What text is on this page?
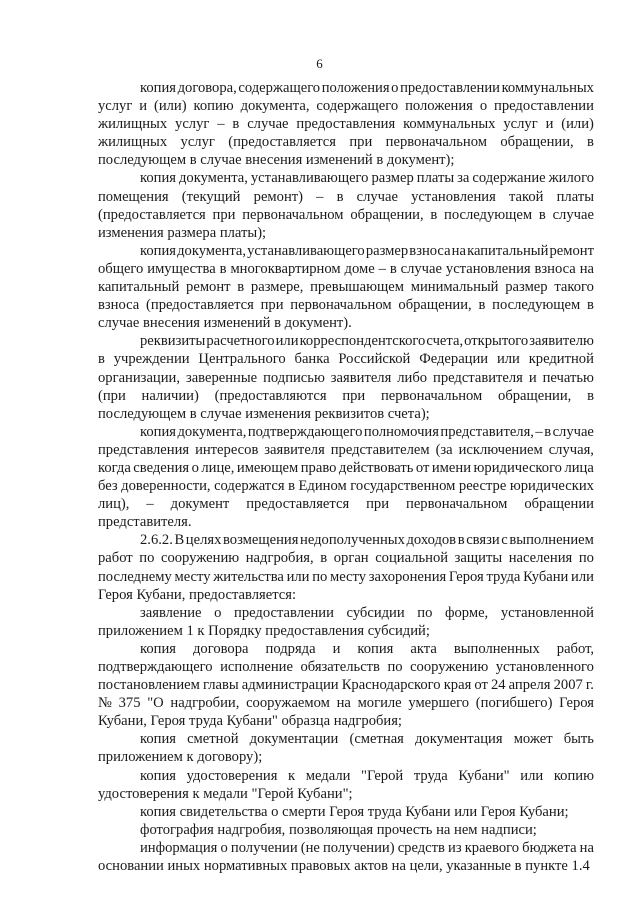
6
копия договора, содержащего положения о предоставлении коммунальных
услуг и (или) копию документа, содержащего положения о предоставлении
жилищных услуг – в случае предоставления коммунальных услуг и (или)
жилищных услуг (предоставляется при первоначальном обращении, в
последующем в случае внесения изменений в документ);
копия документа, устанавливающего размер платы за содержание жилого
помещения (текущий ремонт) – в случае установления такой платы
(предоставляется при первоначальном обращении, в последующем в случае
изменения размера платы);
копия документа, устанавливающего размер взноса на капитальный ремонт
общего имущества в многоквартирном доме – в случае установления взноса на
капитальный ремонт в размере, превышающем минимальный размер такого
взноса (предоставляется при первоначальном обращении, в последующем в
случае внесения изменений в документ).
реквизиты расчетного или корреспондентского счета, открытого заявителю
в учреждении Центрального банка Российской Федерации или кредитной
организации, заверенные подписью заявителя либо представителя и печатью
(при наличии) (предоставляются при первоначальном обращении, в
последующем в случае изменения реквизитов счета);
копия документа, подтверждающего полномочия представителя, – в случае
представления интересов заявителя представителем (за исключением случая,
когда сведения о лице, имеющем право действовать от имени юридического лица
без доверенности, содержатся в Едином государственном реестре юридических
лиц), – документ предоставляется при первоначальном обращении
представителя.
2.6.2. В целях возмещения недополученных доходов в связи с выполнением
работ по сооружению надгробия, в орган социальной защиты населения по
последнему месту жительства или по месту захоронения Героя труда Кубани или
Героя Кубани, предоставляется:
заявление о предоставлении субсидии по форме, установленной
приложением 1 к Порядку предоставления субсидий;
копия договора подряда и копия акта выполненных работ,
подтверждающего исполнение обязательств по сооружению установленного
постановлением главы администрации Краснодарского края от 24 апреля 2007 г.
№ 375 "О надгробии, сооружаемом на могиле умершего (погибшего) Героя
Кубани, Героя труда Кубани" образца надгробия;
копия сметной документации (сметная документация может быть
приложением к договору);
копия удостоверения к медали "Герой труда Кубани" или копию
удостоверения к медали "Герой Кубани";
копия свидетельства о смерти Героя труда Кубани или Героя Кубани;
фотография надгробия, позволяющая прочесть на нем надписи;
информация о получении (не получении) средств из краевого бюджета на
основании иных нормативных правовых актов на цели, указанные в пункте 1.4
